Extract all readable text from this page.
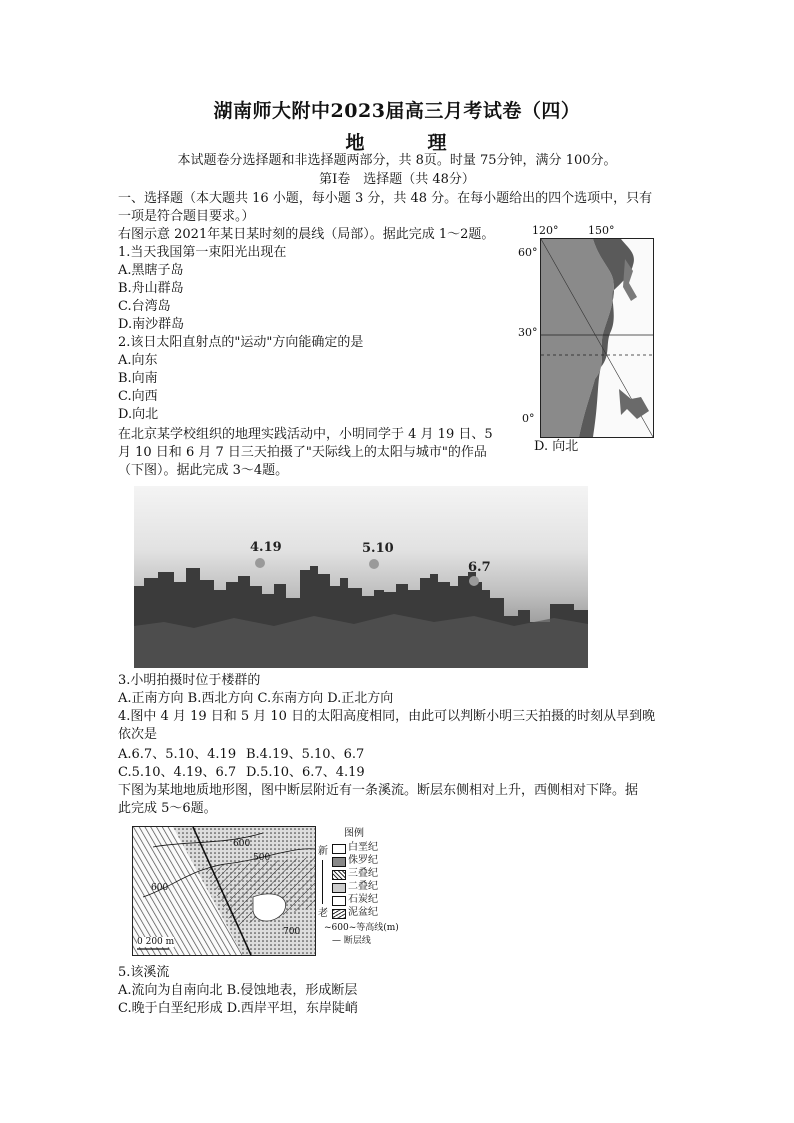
湖南师大附中2023届高三月考试卷（四）
地　理
本试题卷分选择题和非选择题两部分，共 8页。时量 75分钟，满分 100分。
第Ⅰ卷　选择题（共 48分）
一、选择题（本大题共 16 小题，每小题 3 分，共 48 分。在每小题给出的四个选项中，只有
一项是符合题目要求。）
右图示意 2021年某日某时刻的晨线（局部）。据此完成 1～2题。
1.当天我国第一束阳光出现在
A.黑瞎子岛
B.舟山群岛
C.台湾岛
D.南沙群岛
2.该日太阳直射点的"运动"方向能确定的是
A.向东
B.向南
C.向西
D.向北
120°	150°
60°
30°
0°
D. 向北
在北京某学校组织的地理实践活动中，小明同学于 4 月 19 日、5
月 10 日和 6 月 7 日三天拍摄了"天际线上的太阳与城市"的作品
（下图）。据此完成 3～4题。
4.19	5.10
6.7
3.小明拍摄时位于楼群的
A.正南方向 B.西北方向 C.东南方向 D.正北方向
4.图中 4 月 19 日和 5 月 10 日的太阳高度相同，由此可以判断小明三天拍摄的时刻从早到晚
依次是
A.6.7、5.10、4.19 B.4.19、5.10、6.7
C.5.10、4.19、6.7 D.5.10、6.7、4.19
下图为某地地质地形图，图中断层附近有一条溪流。断层东侧相对上升，西侧相对下降。据
此完成 5～6题。
600
500
600
700
0 200 m
图例
新
老
白垩纪
侏罗纪
三叠纪
二叠纪
石炭纪
泥盆纪
~600~等高线(m)
— 断层线
5.该溪流
A.流向为自南向北 B.侵蚀地表，形成断层
C.晚于白垩纪形成 D.西岸平坦，东岸陡峭
